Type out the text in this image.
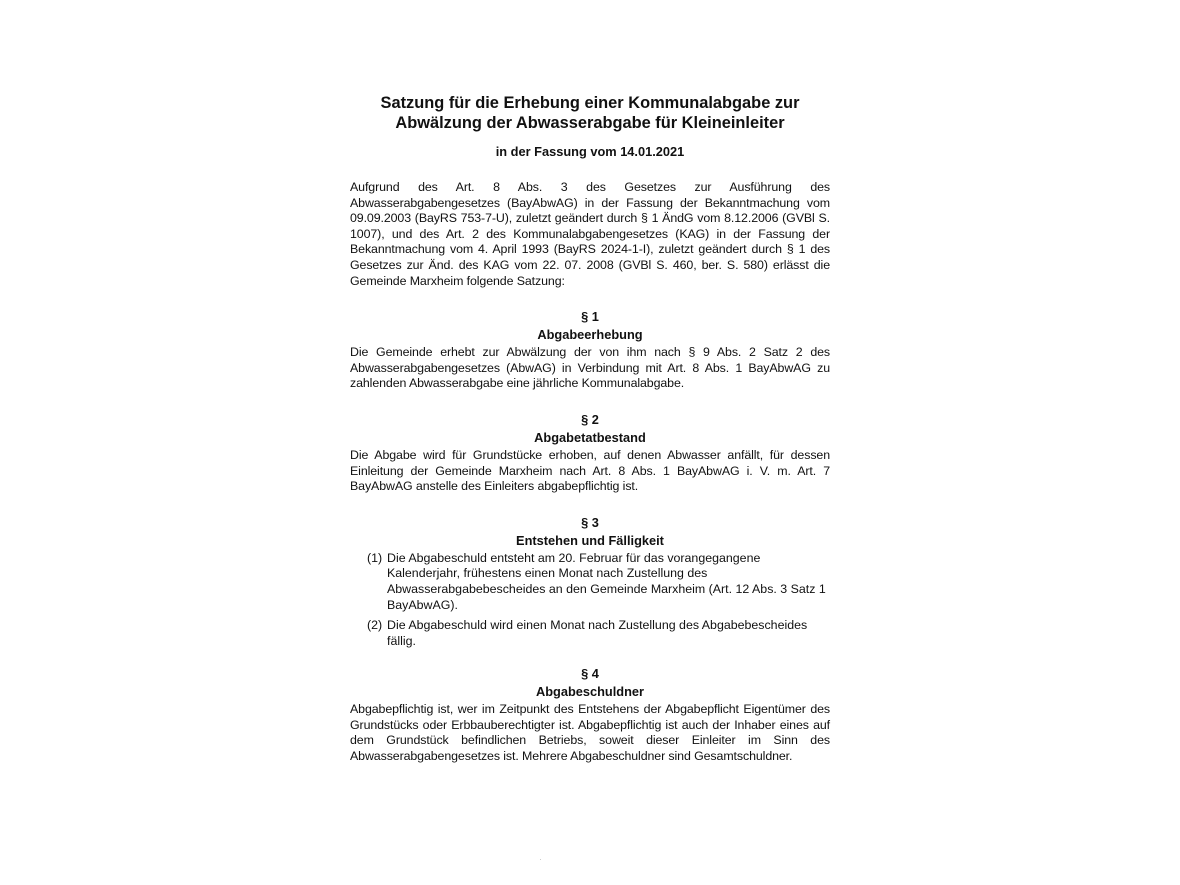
Satzung für die Erhebung einer Kommunalabgabe zur
Abwälzung der Abwasserabgabe für Kleineinleiter

in der Fassung vom 14.01.2021

Aufgrund des Art. 8 Abs. 3 des Gesetzes zur Ausführung des Abwasserabgabengesetzes (BayAbwAG) in der Fassung der Bekanntmachung vom 09.09.2003 (BayRS 753-7-U), zuletzt geändert durch § 1 ÄndG vom 8.12.2006 (GVBl S. 1007), und des Art. 2 des Kommunalabgabengesetzes (KAG) in der Fassung der Bekanntmachung vom 4. April 1993 (BayRS 2024-1-I), zuletzt geändert durch § 1 des Gesetzes zur Änd. des KAG vom 22. 07. 2008 (GVBl S. 460, ber. S. 580) erlässt die Gemeinde Marxheim folgende Satzung:

§ 1

Abgabeerhebung

Die Gemeinde erhebt zur Abwälzung der von ihm nach § 9 Abs. 2 Satz 2 des Abwasserabgabengesetzes (AbwAG) in Verbindung mit Art. 8 Abs. 1 BayAbwAG zu zahlenden Abwasserabgabe eine jährliche Kommunalabgabe.

§ 2

Abgabetatbestand

Die Abgabe wird für Grundstücke erhoben, auf denen Abwasser anfällt, für dessen Einleitung der Gemeinde Marxheim nach Art. 8 Abs. 1 BayAbwAG i. V. m. Art. 7 BayAbwAG anstelle des Einleiters abgabepflichtig ist.

§ 3

Entstehen und Fälligkeit

(1) Die Abgabeschuld entsteht am 20. Februar für das vorangegangene Kalenderjahr, frühestens einen Monat nach Zustellung des Abwasserabgabebescheides an den Gemeinde Marxheim (Art. 12 Abs. 3 Satz 1 BayAbwAG).
(2) Die Abgabeschuld wird einen Monat nach Zustellung des Abgabebescheides fällig.

§ 4

Abgabeschuldner

Abgabepflichtig ist, wer im Zeitpunkt des Entstehens der Abgabepflicht Eigentümer des Grundstücks oder Erbbauberechtigter ist. Abgabepflichtig ist auch der Inhaber eines auf dem Grundstück befindlichen Betriebs, soweit dieser Einleiter im Sinn des Abwasserabgabengesetzes ist. Mehrere Abgabeschuldner sind Gesamtschuldner.
